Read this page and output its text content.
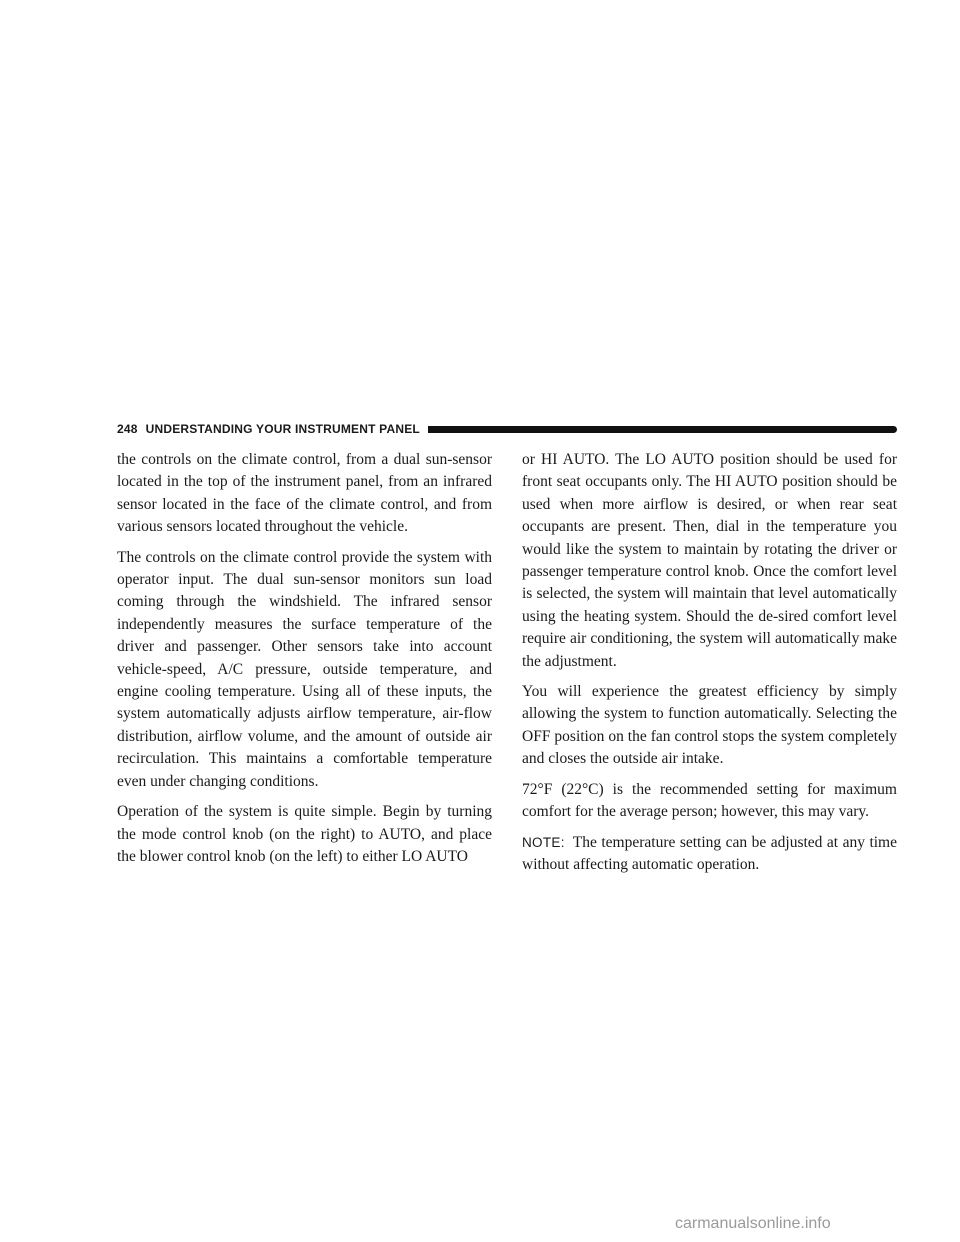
248 UNDERSTANDING YOUR INSTRUMENT PANEL

the controls on the climate control, from a dual sun-sensor located in the top of the instrument panel, from an infrared sensor located in the face of the climate control, and from various sensors located throughout the vehicle.

The controls on the climate control provide the system with operator input. The dual sun-sensor monitors sun load coming through the windshield. The infrared sensor independently measures the surface temperature of the driver and passenger. Other sensors take into account vehicle-speed, A/C pressure, outside temperature, and engine cooling temperature. Using all of these inputs, the system automatically adjusts airflow temperature, air-flow distribution, airflow volume, and the amount of outside air recirculation. This maintains a comfortable temperature even under changing conditions.

Operation of the system is quite simple. Begin by turning the mode control knob (on the right) to AUTO, and place the blower control knob (on the left) to either LO AUTO

or HI AUTO. The LO AUTO position should be used for front seat occupants only. The HI AUTO position should be used when more airflow is desired, or when rear seat occupants are present. Then, dial in the temperature you would like the system to maintain by rotating the driver or passenger temperature control knob. Once the comfort level is selected, the system will maintain that level automatically using the heating system. Should the de-sired comfort level require air conditioning, the system will automatically make the adjustment.

You will experience the greatest efficiency by simply allowing the system to function automatically. Selecting the OFF position on the fan control stops the system completely and closes the outside air intake.

72°F (22°C) is the recommended setting for maximum comfort for the average person; however, this may vary.

NOTE: The temperature setting can be adjusted at any time without affecting automatic operation.

carmanualsonline.info
